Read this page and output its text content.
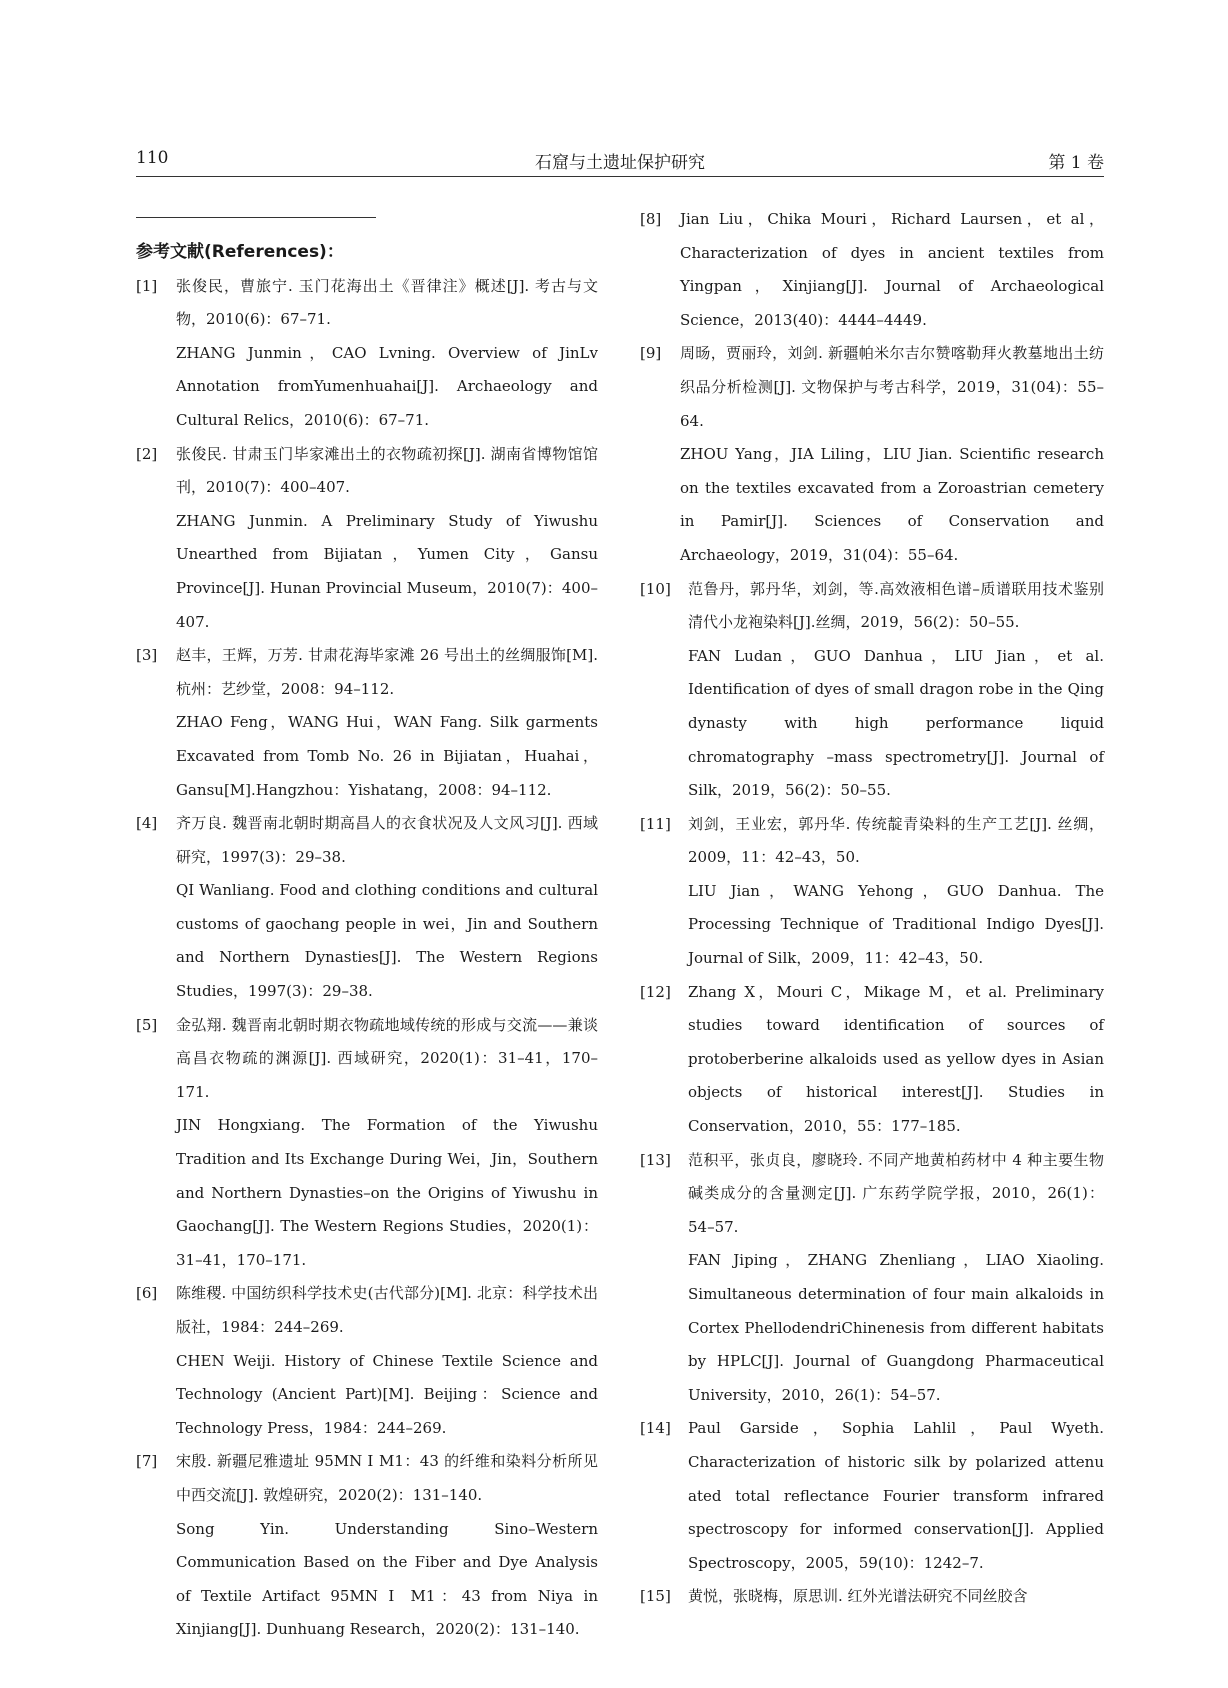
110	石窟与土遗址保护研究	第 1 卷
参考文献(References)：
[1] 张俊民，曹旅宁. 玉门花海出土《晋律注》概述[J]. 考古与文物，2010(6)：67–71.

ZHANG Junmin，CAO Lvning. Overview of JinLv Annotation fromYumenhuahai[J]. Archaeology and Cultural Relics，2010(6)：67–71.

[2] 张俊民. 甘肃玉门毕家滩出土的衣物疏初探[J]. 湖南省博物馆馆刊，2010(7)：400–407.

ZHANG Junmin. A Preliminary Study of Yiwushu Unearthed from Bijiatan，Yumen City，Gansu Province[J]. Hunan Provincial Museum，2010(7)：400–407.

[3] 赵丰，王辉，万芳. 甘肃花海毕家滩 26 号出土的丝绸服饰[M]. 杭州：艺纱堂，2008：94–112.

ZHAO Feng，WANG Hui，WAN Fang. Silk garments Excavated from Tomb No. 26 in Bijiatan，Huahai，Gansu[M].Hangzhou：Yishatang，2008：94–112.

[4] 齐万良. 魏晋南北朝时期高昌人的衣食状况及人文风习[J]. 西域研究，1997(3)：29–38.

QI Wanliang. Food and clothing conditions and cultural customs of gaochang people in wei，Jin and Southern and Northern Dynasties[J]. The Western Regions Studies，1997(3)：29–38.

[5] 金弘翔. 魏晋南北朝时期衣物疏地域传统的形成与交流——兼谈高昌衣物疏的渊源[J]. 西域研究，2020(1)：31–41，170–171.

JIN Hongxiang. The Formation of the Yiwushu Tradition and Its Exchange During Wei，Jin，Southern and Northern Dynasties–on the Origins of Yiwushu in Gaochang[J]. The Western Regions Studies，2020(1)：31–41，170–171.

[6] 陈维稷. 中国纺织科学技术史(古代部分)[M]. 北京：科学技术出版社，1984：244–269.

CHEN Weiji. History of Chinese Textile Science and Technology (Ancient Part)[M]. Beijing：Science and Technology Press，1984：244–269.

[7] 宋殷. 新疆尼雅遗址 95MN Ⅰ M1：43 的纤维和染料分析所见中西交流[J]. 敦煌研究，2020(2)：131–140.

Song Yin. Understanding Sino–Western Communication Based on the Fiber and Dye Analysis of Textile Artifact 95MN Ⅰ M1：43 from Niya in Xinjiang[J]. Dunhuang Research，2020(2)：131–140.

[8] Jian Liu，Chika Mouri，Richard Laursen，et al，Characterization of dyes in ancient textiles from Yingpan，Xinjiang[J]. Journal of Archaeological Science，2013(40)：4444–4449.

[9] 周旸，贾丽玲，刘剑. 新疆帕米尔吉尔赞喀勒拜火教墓地出土纺织品分析检测[J]. 文物保护与考古科学，2019，31(04)：55–64.

ZHOU Yang，JIA Liling，LIU Jian. Scientific research on the textiles excavated from a Zoroastrian cemetery in Pamir[J]. Sciences of Conservation and Archaeology，2019，31(04)：55–64.

[10] 范鲁丹，郭丹华，刘剑，等.高效液相色谱–质谱联用技术鉴别清代小龙袍染料[J].丝绸，2019，56(2)：50–55.

FAN Ludan，GUO Danhua，LIU Jian，et al. Identification of dyes of small dragon robe in the Qing dynasty with high performance liquid chromatography –mass spectrometry[J]. Journal of Silk，2019，56(2)：50–55.

[11] 刘剑，王业宏，郭丹华. 传统靛青染料的生产工艺[J]. 丝绸，2009，11：42–43，50.

LIU Jian，WANG Yehong，GUO Danhua. The Processing Technique of Traditional Indigo Dyes[J]. Journal of Silk，2009，11：42–43，50.

[12] Zhang X，Mouri C，Mikage M，et al. Preliminary studies toward identification of sources of protoberberine alkaloids used as yellow dyes in Asian objects of historical interest[J]. Studies in Conservation，2010，55：177–185.

[13] 范积平，张贞良，廖晓玲. 不同产地黄柏药材中 4 种主要生物碱类成分的含量测定[J]. 广东药学院学报，2010，26(1)：54–57.

FAN Jiping，ZHANG Zhenliang，LIAO Xiaoling. Simultaneous determination of four main alkaloids in Cortex PhellodendriChinenesis from different habitats by HPLC[J]. Journal of Guangdong Pharmaceutical University，2010，26(1)：54–57.

[14] Paul Garside，Sophia Lahlil，Paul Wyeth. Characterization of historic silk by polarized attenu ated total reflectance Fourier transform infrared spectroscopy for informed conservation[J]. Applied Spectroscopy，2005，59(10)：1242–7.

[15] 黄悦，张晓梅，原思训. 红外光谱法研究不同丝胶含
